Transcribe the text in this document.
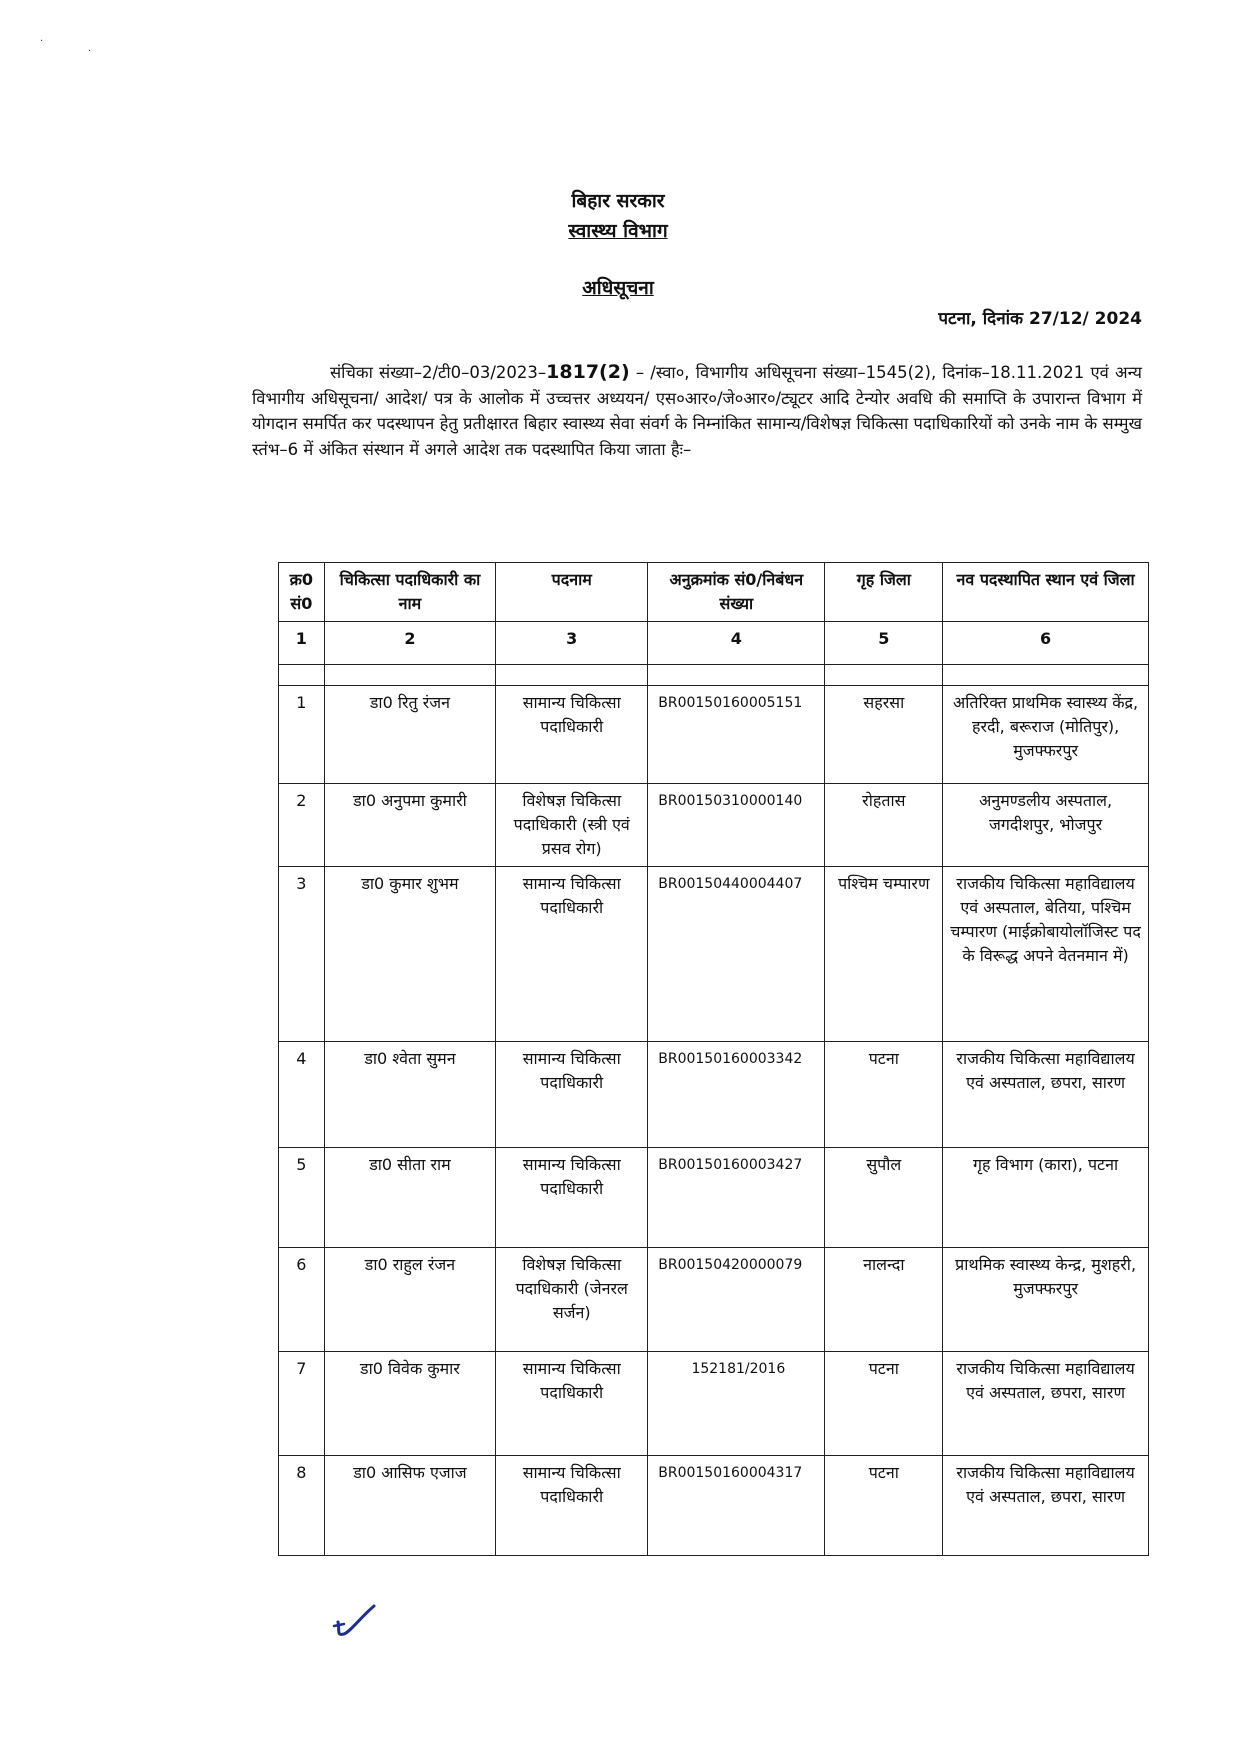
·
·
बिहार सरकार
स्वास्थ्य विभाग
अधिसूचना
पटना, दिनांक 27/12/ 2024
संचिका संख्या–2/टी0–03/2023–1817(2) – /स्वा०, विभागीय अधिसूचना संख्या–1545(2), दिनांक–18.11.2021 एवं अन्य विभागीय अधिसूचना/ आदेश/ पत्र के आलोक में उच्चत्तर अध्ययन/ एस०आर०/जे०आर०/ट्यूटर आदि टेन्योर अवधि की समाप्ति के उपारान्त विभाग में योगदान समर्पित कर पदस्थापन हेतु प्रतीक्षारत बिहार स्वास्थ्य सेवा संवर्ग के निम्नांकित सामान्य/विशेषज्ञ चिकित्सा पदाधिकारियों को उनके नाम के सम्मुख स्तंभ–6 में अंकित संस्थान में अगले आदेश तक पदस्थापित किया जाता हैः–
क्र0 सं0	चिकित्सा पदाधिकारी का नाम	पदनाम	अनुक्रमांक सं0/निबंधन संख्या	गृह जिला	नव पदस्थापित स्थान एवं जिला
1	2	3	4	5	6

1	डा0 रितु रंजन	सामान्य चिकित्सा पदाधिकारी	BR00150160005151	सहरसा	अतिरिक्त प्राथमिक स्वास्थ्य केंद्र, हरदी, बरूराज (मोतिपुर), मुजफ्फरपुर
2	डा0 अनुपमा कुमारी	विशेषज्ञ चिकित्सा पदाधिकारी (स्त्री एवं प्रसव रोग)	BR00150310000140	रोहतास	अनुमण्डलीय अस्पताल, जगदीशपुर, भोजपुर
3	डा0 कुमार शुभम	सामान्य चिकित्सा पदाधिकारी	BR00150440004407	पश्चिम चम्पारण	राजकीय चिकित्सा महाविद्यालय एवं अस्पताल, बेतिया, पश्चिम चम्पारण (माईक्रोबायोलॉजिस्ट पद के विरूद्ध अपने वेतनमान में)
4	डा0 श्वेता सुमन	सामान्य चिकित्सा पदाधिकारी	BR00150160003342	पटना	राजकीय चिकित्सा महाविद्यालय एवं अस्पताल, छपरा, सारण
5	डा0 सीता राम	सामान्य चिकित्सा पदाधिकारी	BR00150160003427	सुपौल	गृह विभाग (कारा), पटना
6	डा0 राहुल रंजन	विशेषज्ञ चिकित्सा पदाधिकारी (जेनरल सर्जन)	BR00150420000079	नालन्दा	प्राथमिक स्वास्थ्य केन्द्र, मुशहरी, मुजफ्फरपुर
7	डा0 विवेक कुमार	सामान्य चिकित्सा पदाधिकारी	152181/2016	पटना	राजकीय चिकित्सा महाविद्यालय एवं अस्पताल, छपरा, सारण
8	डा0 आसिफ एजाज	सामान्य चिकित्सा पदाधिकारी	BR00150160004317	पटना	राजकीय चिकित्सा महाविद्यालय एवं अस्पताल, छपरा, सारण
